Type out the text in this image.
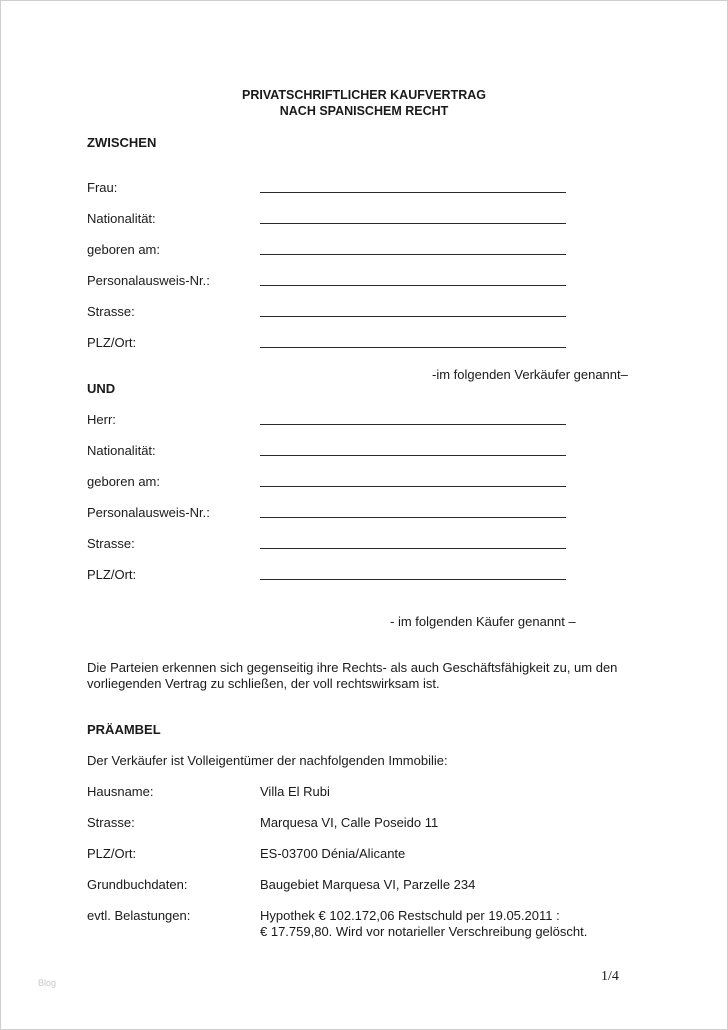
PRIVATSCHRIFTLICHER KAUFVERTRAG
NACH SPANISCHEM RECHT
ZWISCHEN
Frau:
Nationalität:
geboren am:
Personalausweis-Nr.:
Strasse:
PLZ/Ort:
-im folgenden Verkäufer genannt–
UND
Herr:
Nationalität:
geboren am:
Personalausweis-Nr.:
Strasse:
PLZ/Ort:
- im folgenden Käufer genannt –
Die Parteien erkennen sich gegenseitig ihre Rechts- als auch Geschäftsfähigkeit zu, um den
vorliegenden Vertrag zu schließen, der voll rechtswirksam ist.
PRÄAMBEL
Der Verkäufer ist Volleigentümer der nachfolgenden Immobilie:
Hausname:	Villa El Rubi
Strasse:	Marquesa VI, Calle Poseido 11
PLZ/Ort:	ES-03700 Dénia/Alicante
Grundbuchdaten:	Baugebiet Marquesa VI, Parzelle 234
evtl. Belastungen:	Hypothek € 102.172,06 Restschuld per 19.05.2011 :
€ 17.759,80. Wird vor notarieller Verschreibung gelöscht.
1/4
Blog
